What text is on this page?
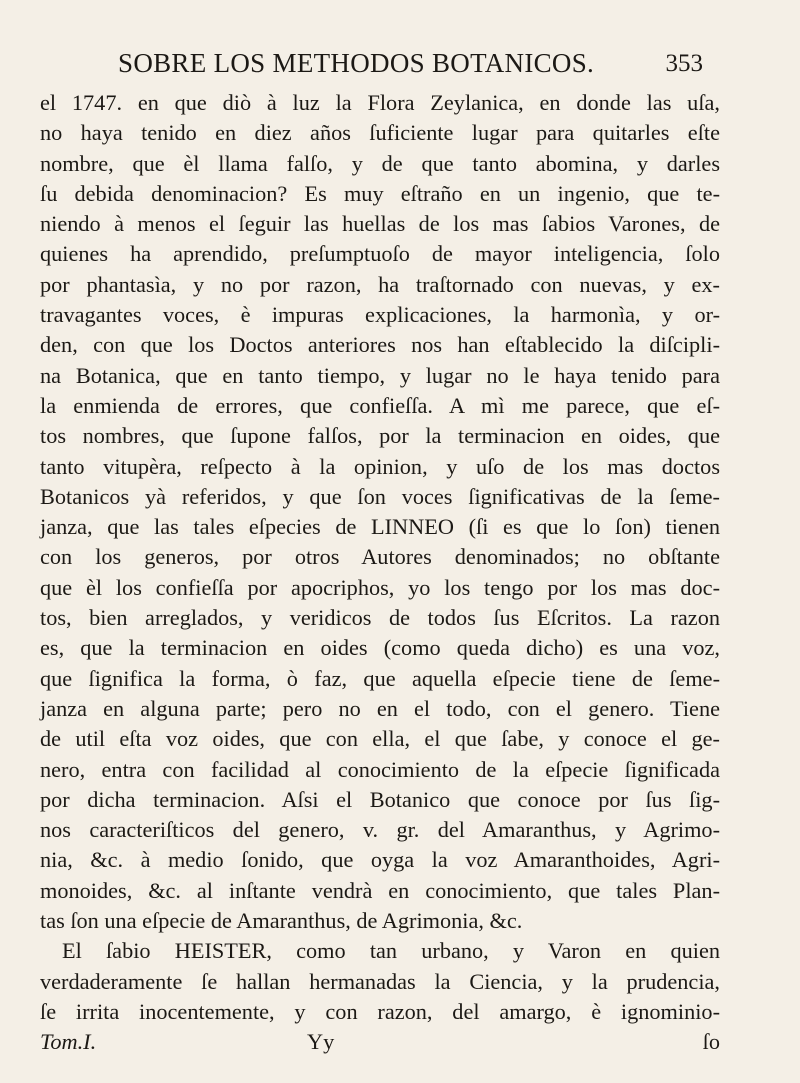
SOBRE LOS METHODOS BOTANICOS.	353
el 1747. en que diò à luz la Flora Zeylanica, en donde las uſa,
no haya tenido en diez años ſuficiente lugar para quitarles eſte
nombre, que èl llama falſo, y de que tanto abomina, y darles
ſu debida denominacion? Es muy eſtraño en un ingenio, que te-
niendo à menos el ſeguir las huellas de los mas ſabios Varones, de
quienes ha aprendido, preſumptuoſo de mayor inteligencia, ſolo
por phantasìa, y no por razon, ha traſtornado con nuevas, y ex-
travagantes voces, è impuras explicaciones, la harmonìa, y or-
den, con que los Doctos anteriores nos han eſtablecido la diſcipli-
na Botanica, que en tanto tiempo, y lugar no le haya tenido para
la enmienda de errores, que confieſſa. A mì me parece, que eſ-
tos nombres, que ſupone falſos, por la terminacion en oides, que
tanto vitupèra, reſpecto à la opinion, y uſo de los mas doctos
Botanicos yà referidos, y que ſon voces ſignificativas de la ſeme-
janza, que las tales eſpecies de LINNEO (ſi es que lo ſon) tienen
con los generos, por otros Autores denominados; no obſtante
que èl los confieſſa por apocriphos, yo los tengo por los mas doc-
tos, bien arreglados, y veridicos de todos ſus Eſcritos. La razon
es, que la terminacion en oides (como queda dicho) es una voz,
que ſignifica la forma, ò faz, que aquella eſpecie tiene de ſeme-
janza en alguna parte; pero no en el todo, con el genero. Tiene
de util eſta voz oides, que con ella, el que ſabe, y conoce el ge-
nero, entra con facilidad al conocimiento de la eſpecie ſignificada
por dicha terminacion. Aſsi el Botanico que conoce por ſus ſig-
nos caracteriſticos del genero, v. gr. del Amaranthus, y Agrimo-
nia, &c. à medio ſonido, que oyga la voz Amaranthoides, Agri-
monoides, &c. al inſtante vendrà en conocimiento, que tales Plan-
tas ſon una eſpecie de Amaranthus, de Agrimonia, &c.
El ſabio HEISTER, como tan urbano, y Varon en quien
verdaderamente ſe hallan hermanadas la Ciencia, y la prudencia,
ſe irrita inocentemente, y con razon, del amargo, è ignominio-
Tom.I.	Yy	ſo
